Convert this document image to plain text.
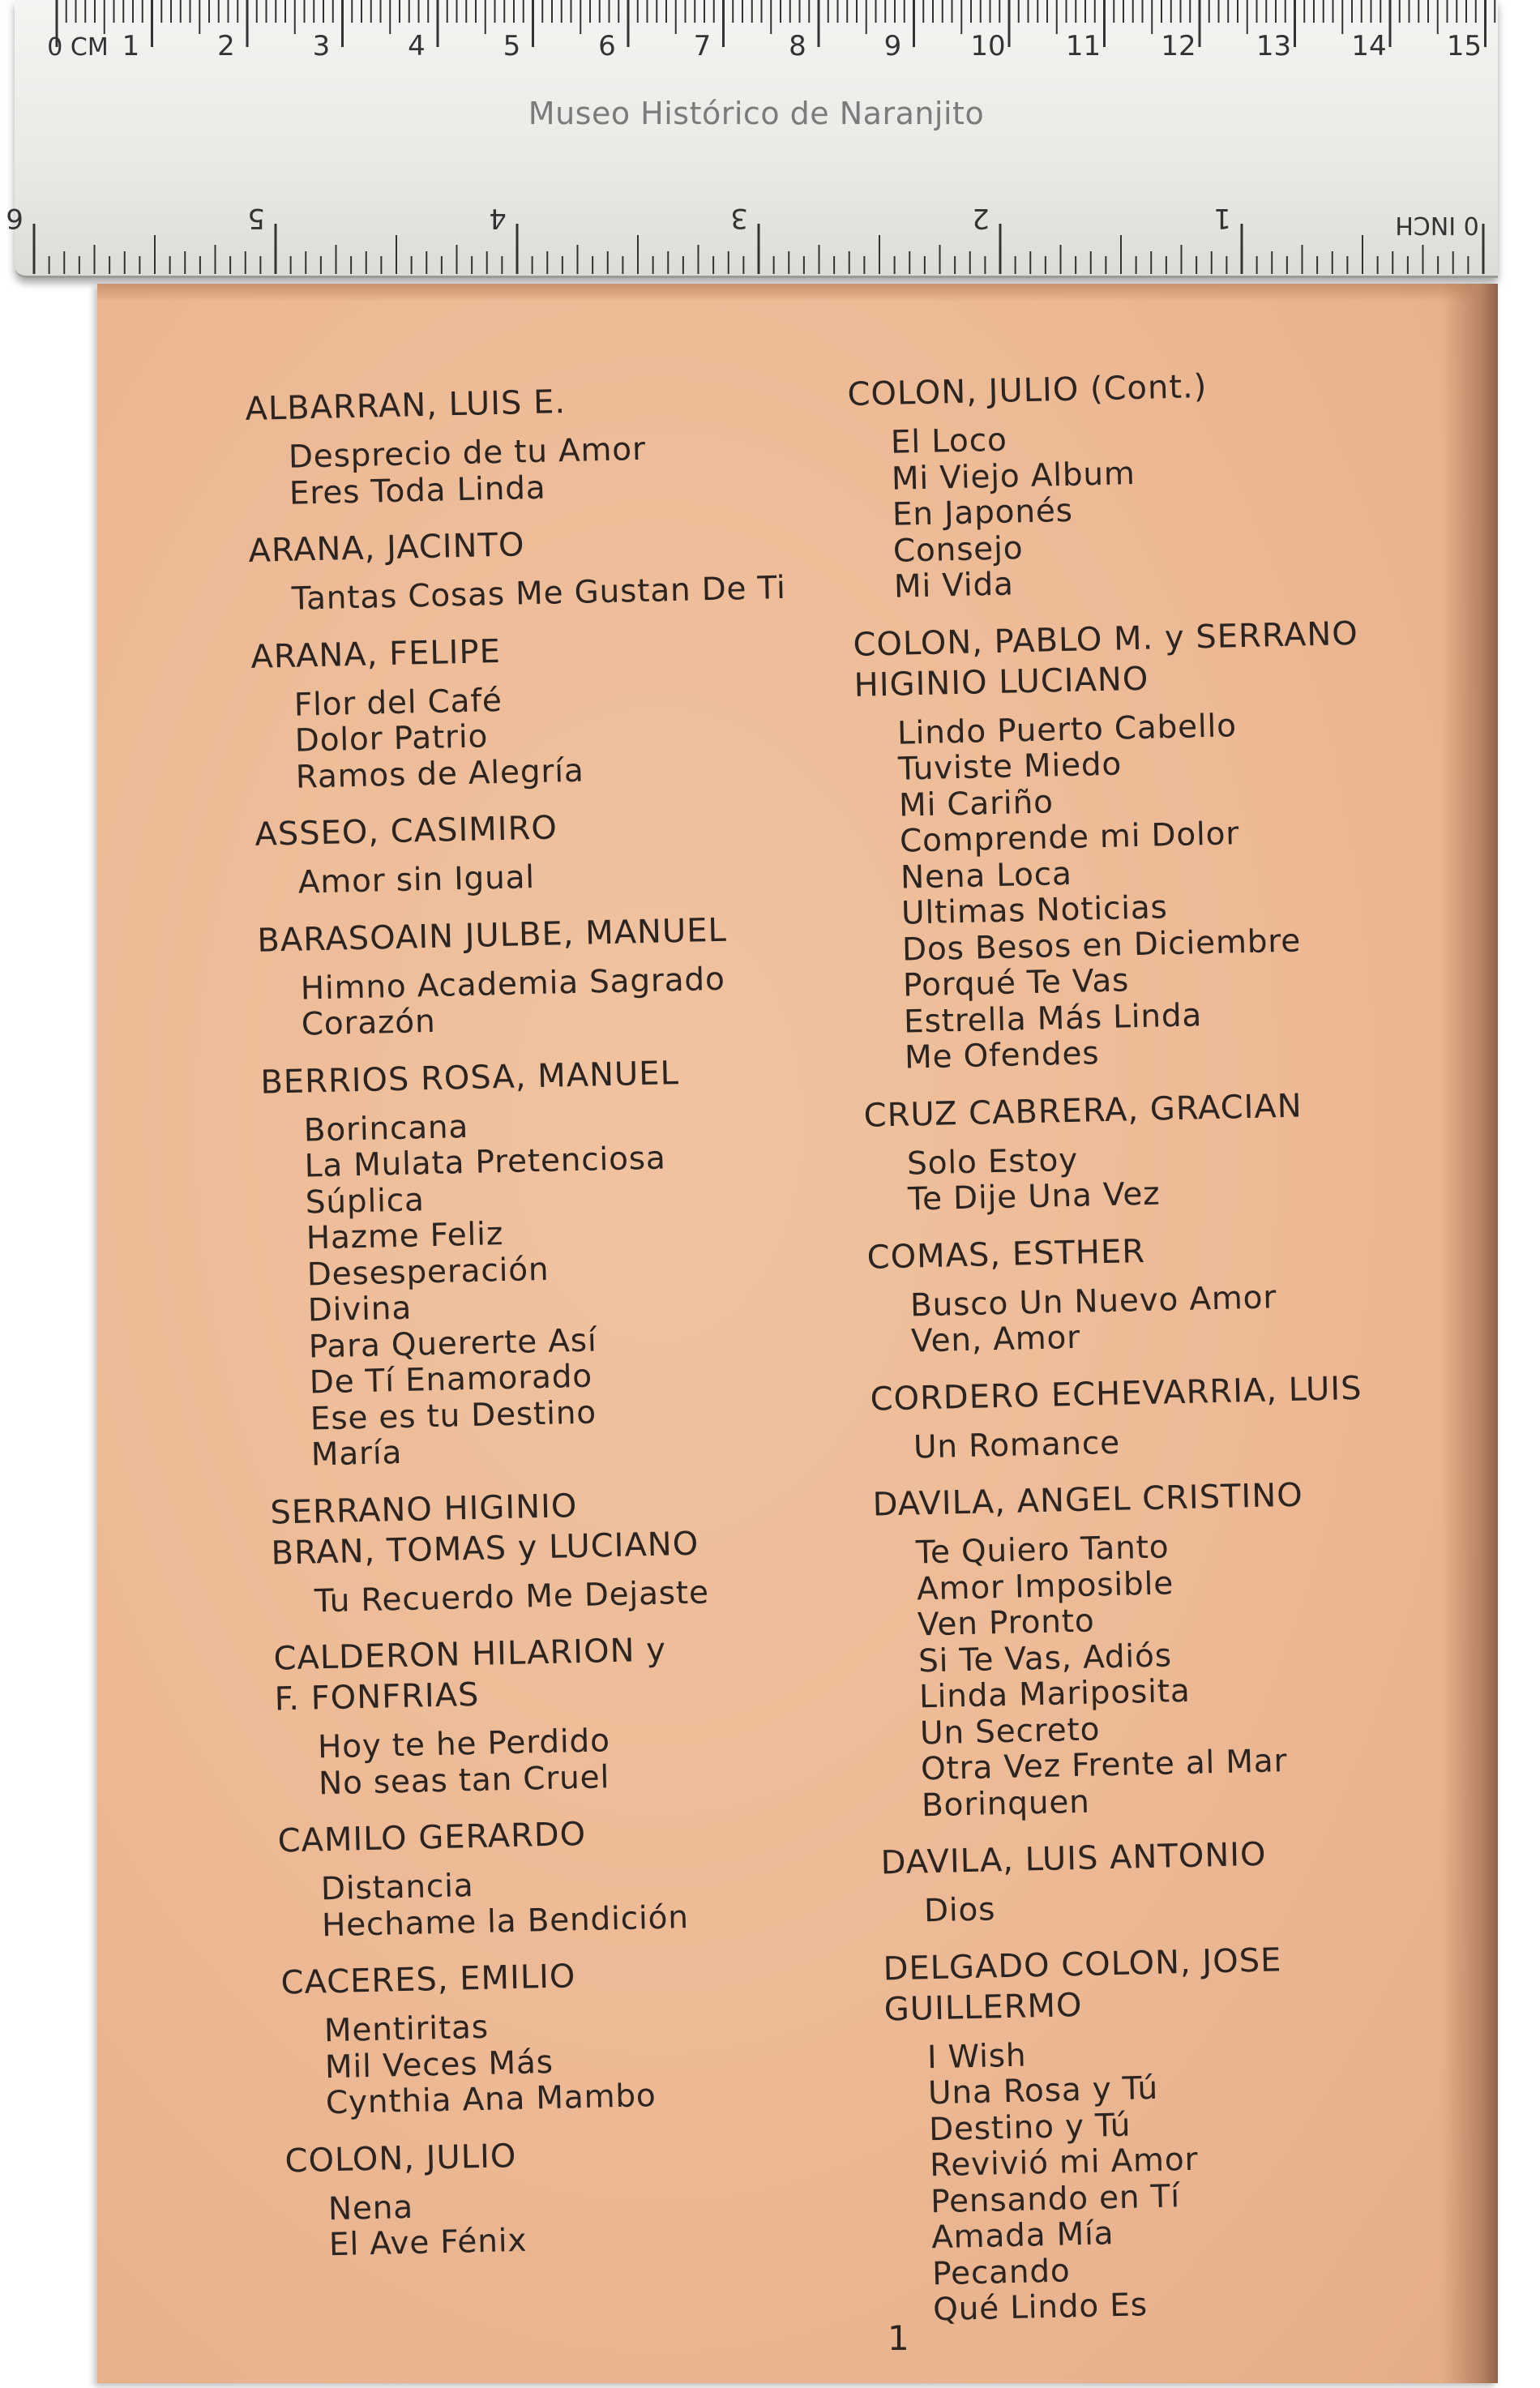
0 CM 1	2	3	4	5	6	7	8	9	10 11 12 13 14 15
0 INCH
1
2
3
4
5
6
Museo Histórico de Naranjito
ALBARRAN, LUIS E.
Desprecio de tu Amor
Eres Toda Linda
ARANA, JACINTO
Tantas Cosas Me Gustan De Ti
ARANA, FELIPE
Flor del Café
Dolor Patrio
Ramos de Alegría
ASSEO, CASIMIRO
Amor sin Igual
BARASOAIN JULBE, MANUEL
Himno Academia Sagrado
Corazón
BERRIOS ROSA, MANUEL
Borincana
La Mulata Pretenciosa
Súplica
Hazme Feliz
Desesperación
Divina
Para Quererte Así
De Tí Enamorado
Ese es tu Destino
María
SERRANO HIGINIO
BRAN, TOMAS y LUCIANO
Tu Recuerdo Me Dejaste
CALDERON HILARION y
F. FONFRIAS
Hoy te he Perdido
No seas tan Cruel
CAMILO GERARDO
Distancia
Hechame la Bendición
CACERES, EMILIO
Mentiritas
Mil Veces Más
Cynthia Ana Mambo
COLON, JULIO
Nena
El Ave Fénix
COLON, JULIO (Cont.)
El Loco
Mi Viejo Album
En Japonés
Consejo
Mi Vida
COLON, PABLO M. y SERRANO
HIGINIO LUCIANO
Lindo Puerto Cabello
Tuviste Miedo
Mi Cariño
Comprende mi Dolor
Nena Loca
Ultimas Noticias
Dos Besos en Diciembre
Porqué Te Vas
Estrella Más Linda
Me Ofendes
CRUZ CABRERA, GRACIAN
Solo Estoy
Te Dije Una Vez
COMAS, ESTHER
Busco Un Nuevo Amor
Ven, Amor
CORDERO ECHEVARRIA, LUIS
Un Romance
DAVILA, ANGEL CRISTINO
Te Quiero Tanto
Amor Imposible
Ven Pronto
Si Te Vas, Adiós
Linda Mariposita
Un Secreto
Otra Vez Frente al Mar
Borinquen
DAVILA, LUIS ANTONIO
Dios
DELGADO COLON, JOSE
GUILLERMO
I Wish
Una Rosa y Tú
Destino y Tú
Revivió mi Amor
Pensando en Tí
Amada Mía
Pecando
Qué Lindo Es
1
